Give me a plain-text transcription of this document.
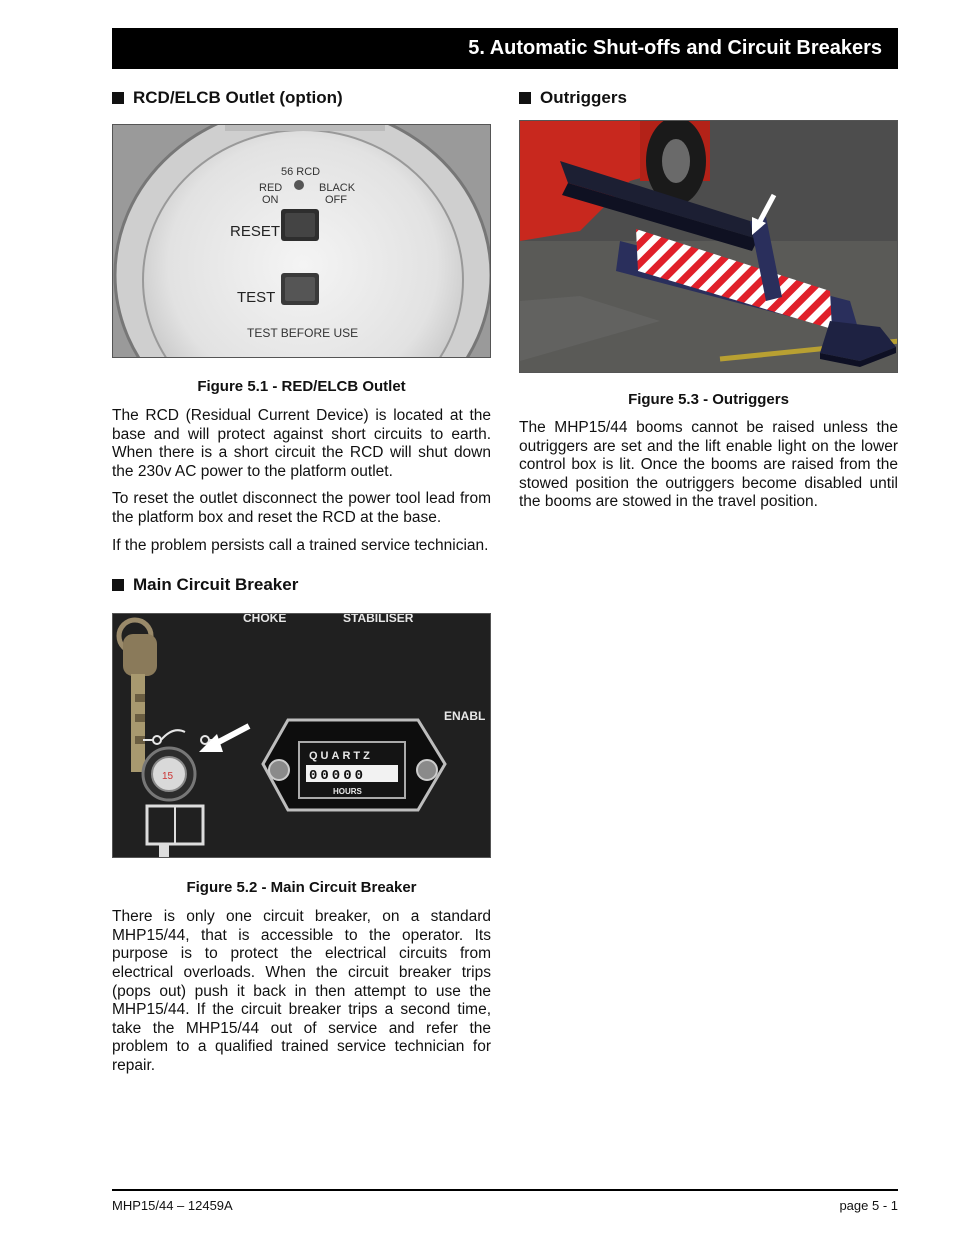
5. Automatic Shut-offs and Circuit Breakers
RCD/ELCB Outlet (option)
56 RCD
RED
ON
BLACK
OFF
RESET
TEST
TEST BEFORE USE

Figure 5.1 - RED/ELCB Outlet

The RCD (Residual Current Device) is located at the base and will protect against short circuits to earth. When there is a short circuit the RCD will shut down the 230v AC power to the platform outlet.

To reset the outlet disconnect the power tool lead from the platform box and reset the RCD at the base.

If the problem persists call a trained service technician.

Main Circuit Breaker
CHOKE	STABILISER
ENABL
15
QUARTZ
00000
HOURS

Figure 5.2 - Main Circuit Breaker

There is only one circuit breaker, on a standard MHP15/44, that is accessible to the operator. Its purpose is to protect the electrical circuits from electrical overloads. When the circuit breaker trips (pops out) push it back in then attempt to use the MHP15/44. If the circuit breaker trips a second time, take the MHP15/44 out of service and refer the problem to a qualified trained service technician for repair.

Outriggers

Figure 5.3 - Outriggers

The MHP15/44 booms cannot be raised unless the outriggers are set and the lift enable light on the lower control box is lit. Once the booms are raised from the stowed position the outriggers become disabled until the booms are stowed in the travel position.

MHP15/44 – 12459A	page 5 - 1
